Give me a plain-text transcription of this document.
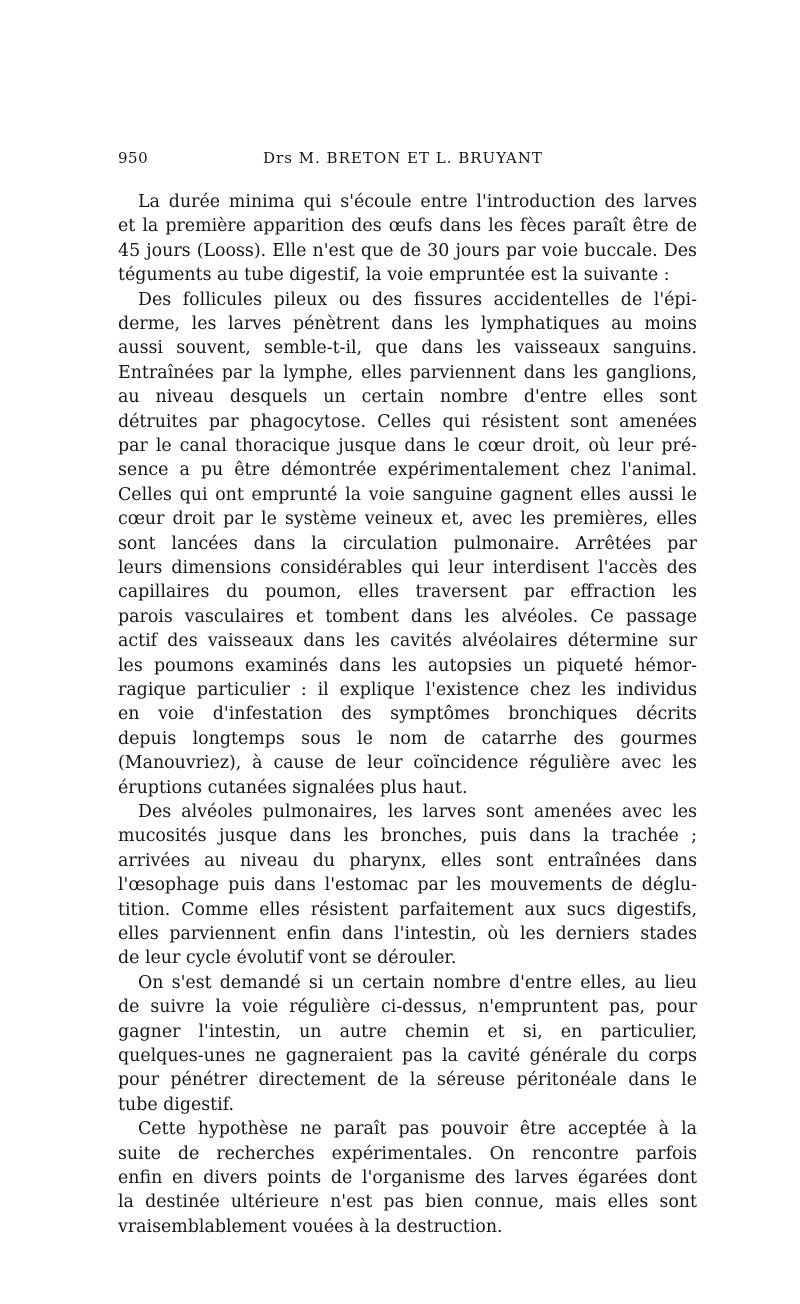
950	Drs M. BRETON ET L. BRUYANT
La durée minima qui s'écoule entre l'introduction des larves
et la première apparition des œufs dans les fèces paraît être de
45 jours (Looss). Elle n'est que de 30 jours par voie buccale. Des
téguments au tube digestif, la voie empruntée est la suivante :
Des follicules pileux ou des fissures accidentelles de l'épi-
derme, les larves pénètrent dans les lymphatiques au moins
aussi souvent, semble-t-il, que dans les vaisseaux sanguins.
Entraînées par la lymphe, elles parviennent dans les ganglions,
au niveau desquels un certain nombre d'entre elles sont
détruites par phagocytose. Celles qui résistent sont amenées
par le canal thoracique jusque dans le cœur droit, où leur pré-
sence a pu être démontrée expérimentalement chez l'animal.
Celles qui ont emprunté la voie sanguine gagnent elles aussi le
cœur droit par le système veineux et, avec les premières, elles
sont lancées dans la circulation pulmonaire. Arrêtées par
leurs dimensions considérables qui leur interdisent l'accès des
capillaires du poumon, elles traversent par effraction les
parois vasculaires et tombent dans les alvéoles. Ce passage
actif des vaisseaux dans les cavités alvéolaires détermine sur
les poumons examinés dans les autopsies un piqueté hémor-
ragique particulier : il explique l'existence chez les individus
en voie d'infestation des symptômes bronchiques décrits
depuis longtemps sous le nom de catarrhe des gourmes
(Manouvriez), à cause de leur coïncidence régulière avec les
éruptions cutanées signalées plus haut.
Des alvéoles pulmonaires, les larves sont amenées avec les
mucosités jusque dans les bronches, puis dans la trachée ;
arrivées au niveau du pharynx, elles sont entraînées dans
l'œsophage puis dans l'estomac par les mouvements de déglu-
tition. Comme elles résistent parfaitement aux sucs digestifs,
elles parviennent enfin dans l'intestin, où les derniers stades
de leur cycle évolutif vont se dérouler.
On s'est demandé si un certain nombre d'entre elles, au lieu
de suivre la voie régulière ci-dessus, n'empruntent pas, pour
gagner l'intestin, un autre chemin et si, en particulier,
quelques-unes ne gagneraient pas la cavité générale du corps
pour pénétrer directement de la séreuse péritonéale dans le
tube digestif.
Cette hypothèse ne paraît pas pouvoir être acceptée à la
suite de recherches expérimentales. On rencontre parfois
enfin en divers points de l'organisme des larves égarées dont
la destinée ultérieure n'est pas bien connue, mais elles sont
vraisemblablement vouées à la destruction.
